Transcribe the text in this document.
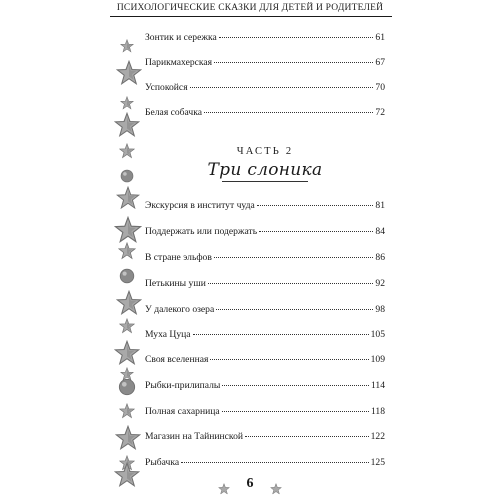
ПСИХОЛОГИЧЕСКИЕ СКАЗКИ ДЛЯ ДЕТЕЙ И РОДИТЕЛЕЙ
Зонтик и сережка	61
Парикмахерская	67
Успокойся	70
Белая собачка	72
ЧАСТЬ 2
Три слоника
Экскурсия в институт чуда	81
Поддержать или подержать	84
В стране эльфов	86
Петькины уши	92
У далекого озера	98
Муха Цуца	105
Своя вселенная	109
Рыбки-прилипалы	114
Полная сахарница	118
Магазин на Тайнинской	122
Рыбачка	125
6
